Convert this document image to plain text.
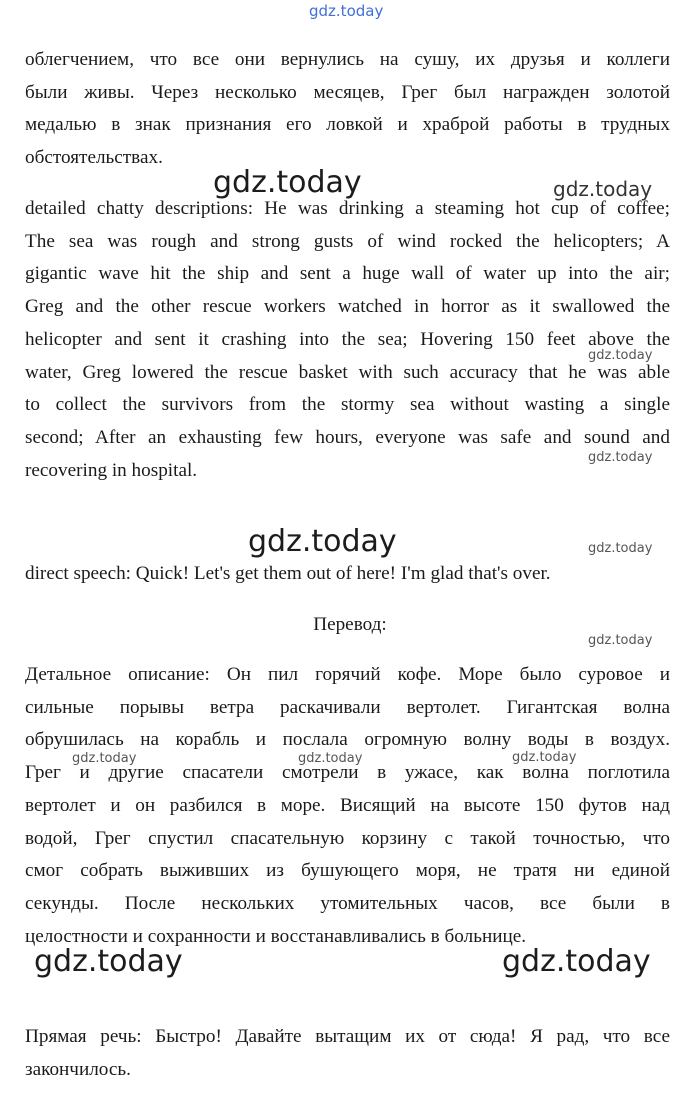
gdz.today
облегчением, что все они вернулись на сушу, их друзья и коллеги
были живы. Через несколько месяцев, Грег был награжден золотой
медалью в знак признания его ловкой и храброй работы в трудных
обстоятельствах.
gdz.today	gdz.today
detailed chatty descriptions: He was drinking a steaming hot cup of coffee;
The sea was rough and strong gusts of wind rocked the helicopters; A
gigantic wave hit the ship and sent a huge wall of water up into the air;
Greg and the other rescue workers watched in horror as it swallowed the
helicopter and sent it crashing into the sea; Hovering 150 feet above the
water, Greg lowered the rescue basket with such accuracy that he was able
to collect the survivors from the stormy sea without wasting a single
second; After an exhausting few hours, everyone was safe and sound and
recovering in hospital.
gdz.today
gdz.today
gdz.today	gdz.today
direct speech: Quick! Let's get them out of here! I'm glad that's over.
Перевод:
gdz.today
Детальное описание: Он пил горячий кофе. Море было суровое и
сильные порывы ветра раскачивали вертолет. Гигантская волна
обрушилась на корабль и послала огромную волну воды в воздух.
Грег и другие спасатели смотрели в ужасе, как волна поглотила
вертолет и он разбился в море. Висящий на высоте 150 футов над
водой, Грег спустил спасательную корзину с такой точностью, что
смог собрать выживших из бушующего моря, не тратя ни единой
секунды. После нескольких утомительных часов, все были в
целостности и сохранности и восстанавливались в больнице.
gdz.today	gdz.today	gdz.today
gdz.today	gdz.today
Прямая речь: Быстро! Давайте вытащим их от сюда! Я рад, что все
закончилось.
